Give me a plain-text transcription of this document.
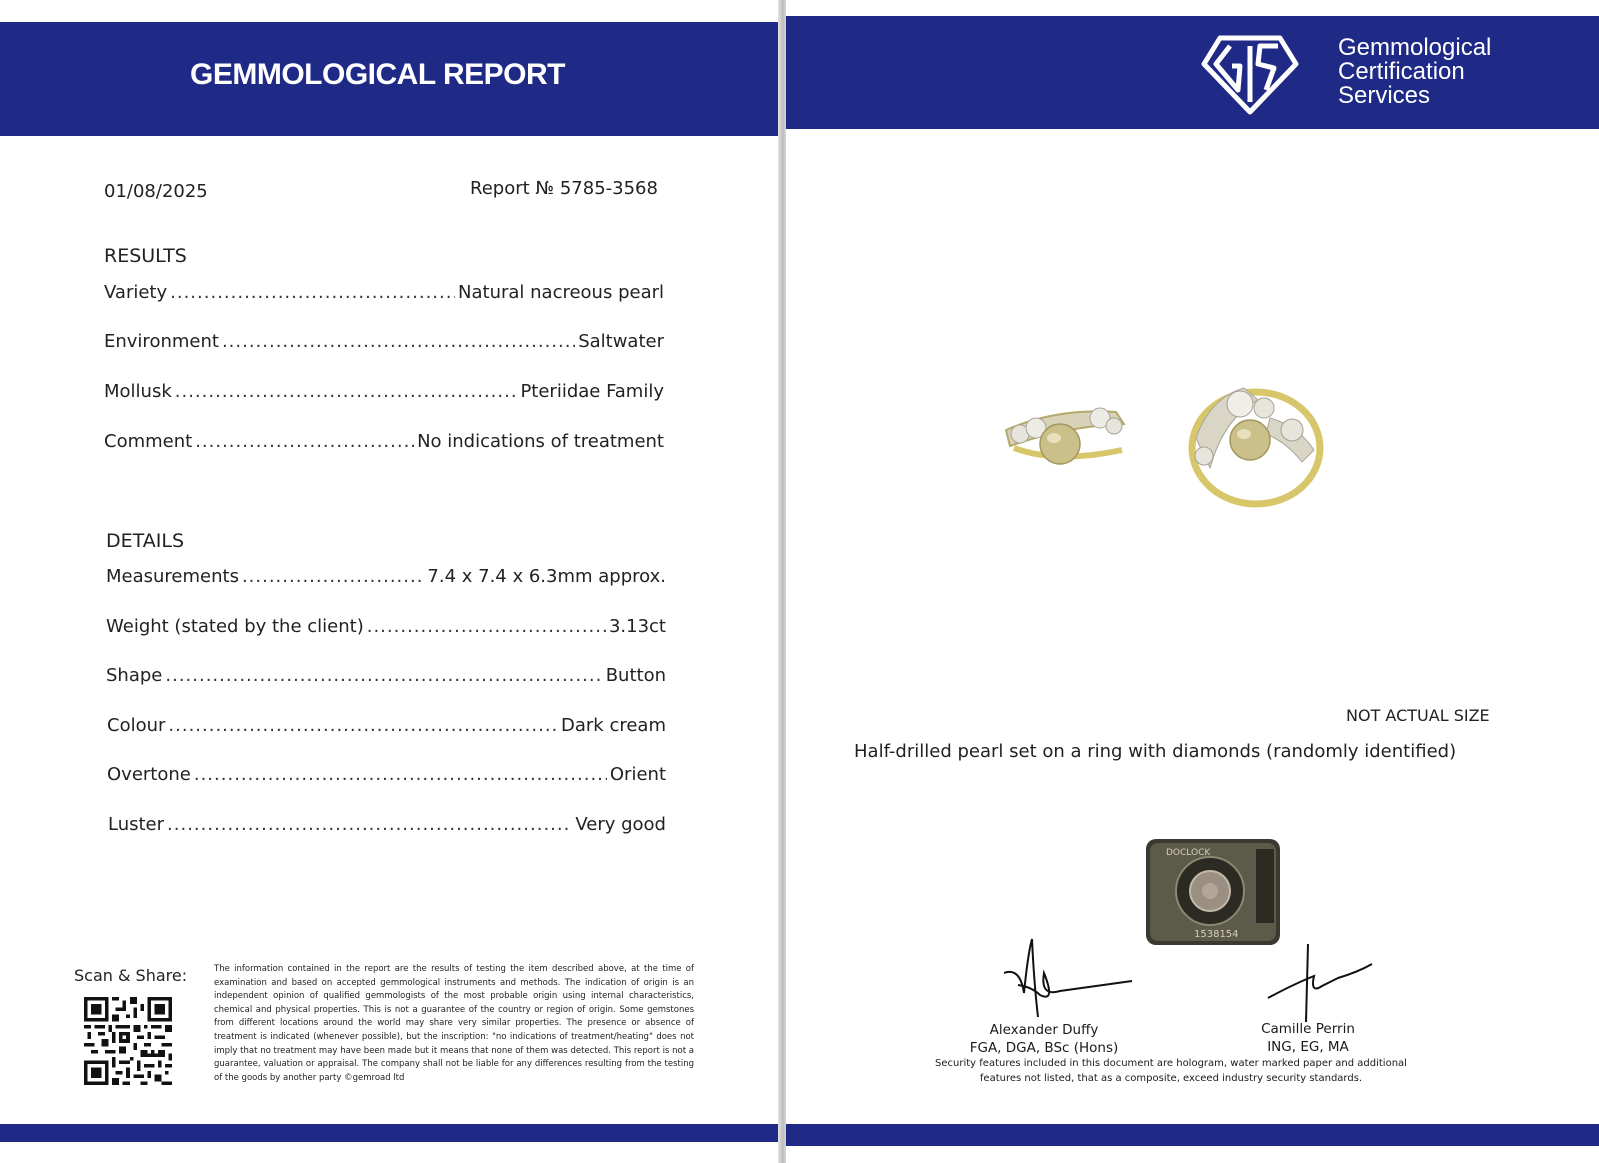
GEMMOLOGICAL REPORT
01/08/2025	Report № 5785-3568
RESULTS
Variety .....	Natural nacreous pearl
Environment .....	Saltwater
Mollusk .....	Pteriidae Family
Comment .....	No indications of treatment
DETAILS
Measurements .....	7.4 x 7.4 x 6.3mm approx.
Weight (stated by the client) .....	3.13ct
Shape .....	Button
Colour .....	Dark cream
Overtone .....	Orient
Luster .....	Very good
Scan & Share:	The information contained in the report are the results of testing the item described above, at the time of examination and based on accepted gemmological instruments and methods. The indication of origin is an independent opinion of qualified gemmologists of the most probable origin using internal characteristics, chemical and physical properties. This is not a guarantee of the country or region of origin. Some gemstones from different locations around the world may share very similar properties. The presence or absence of treatment is indicated (whenever possible), but the inscription: "no indications of treatment/heating" does not imply that no treatment may have been made but it means that none of them was detected. This report is not a guarantee, valuation or appraisal. The company shall not be liable for any differences resulting from the testing of the goods by another party ©gemroad ltd
Gemmological
Certification
Services
NOT ACTUAL SIZE
Half-drilled pearl set on a ring with diamonds (randomly identified)
1538154
DOCLOCK
Alexander Duffy
FGA, DGA, BSc (Hons)
Camille Perrin
ING, EG, MA
Security features included in this document are hologram, water marked paper and additional features not listed, that as a composite, exceed industry security standards.
